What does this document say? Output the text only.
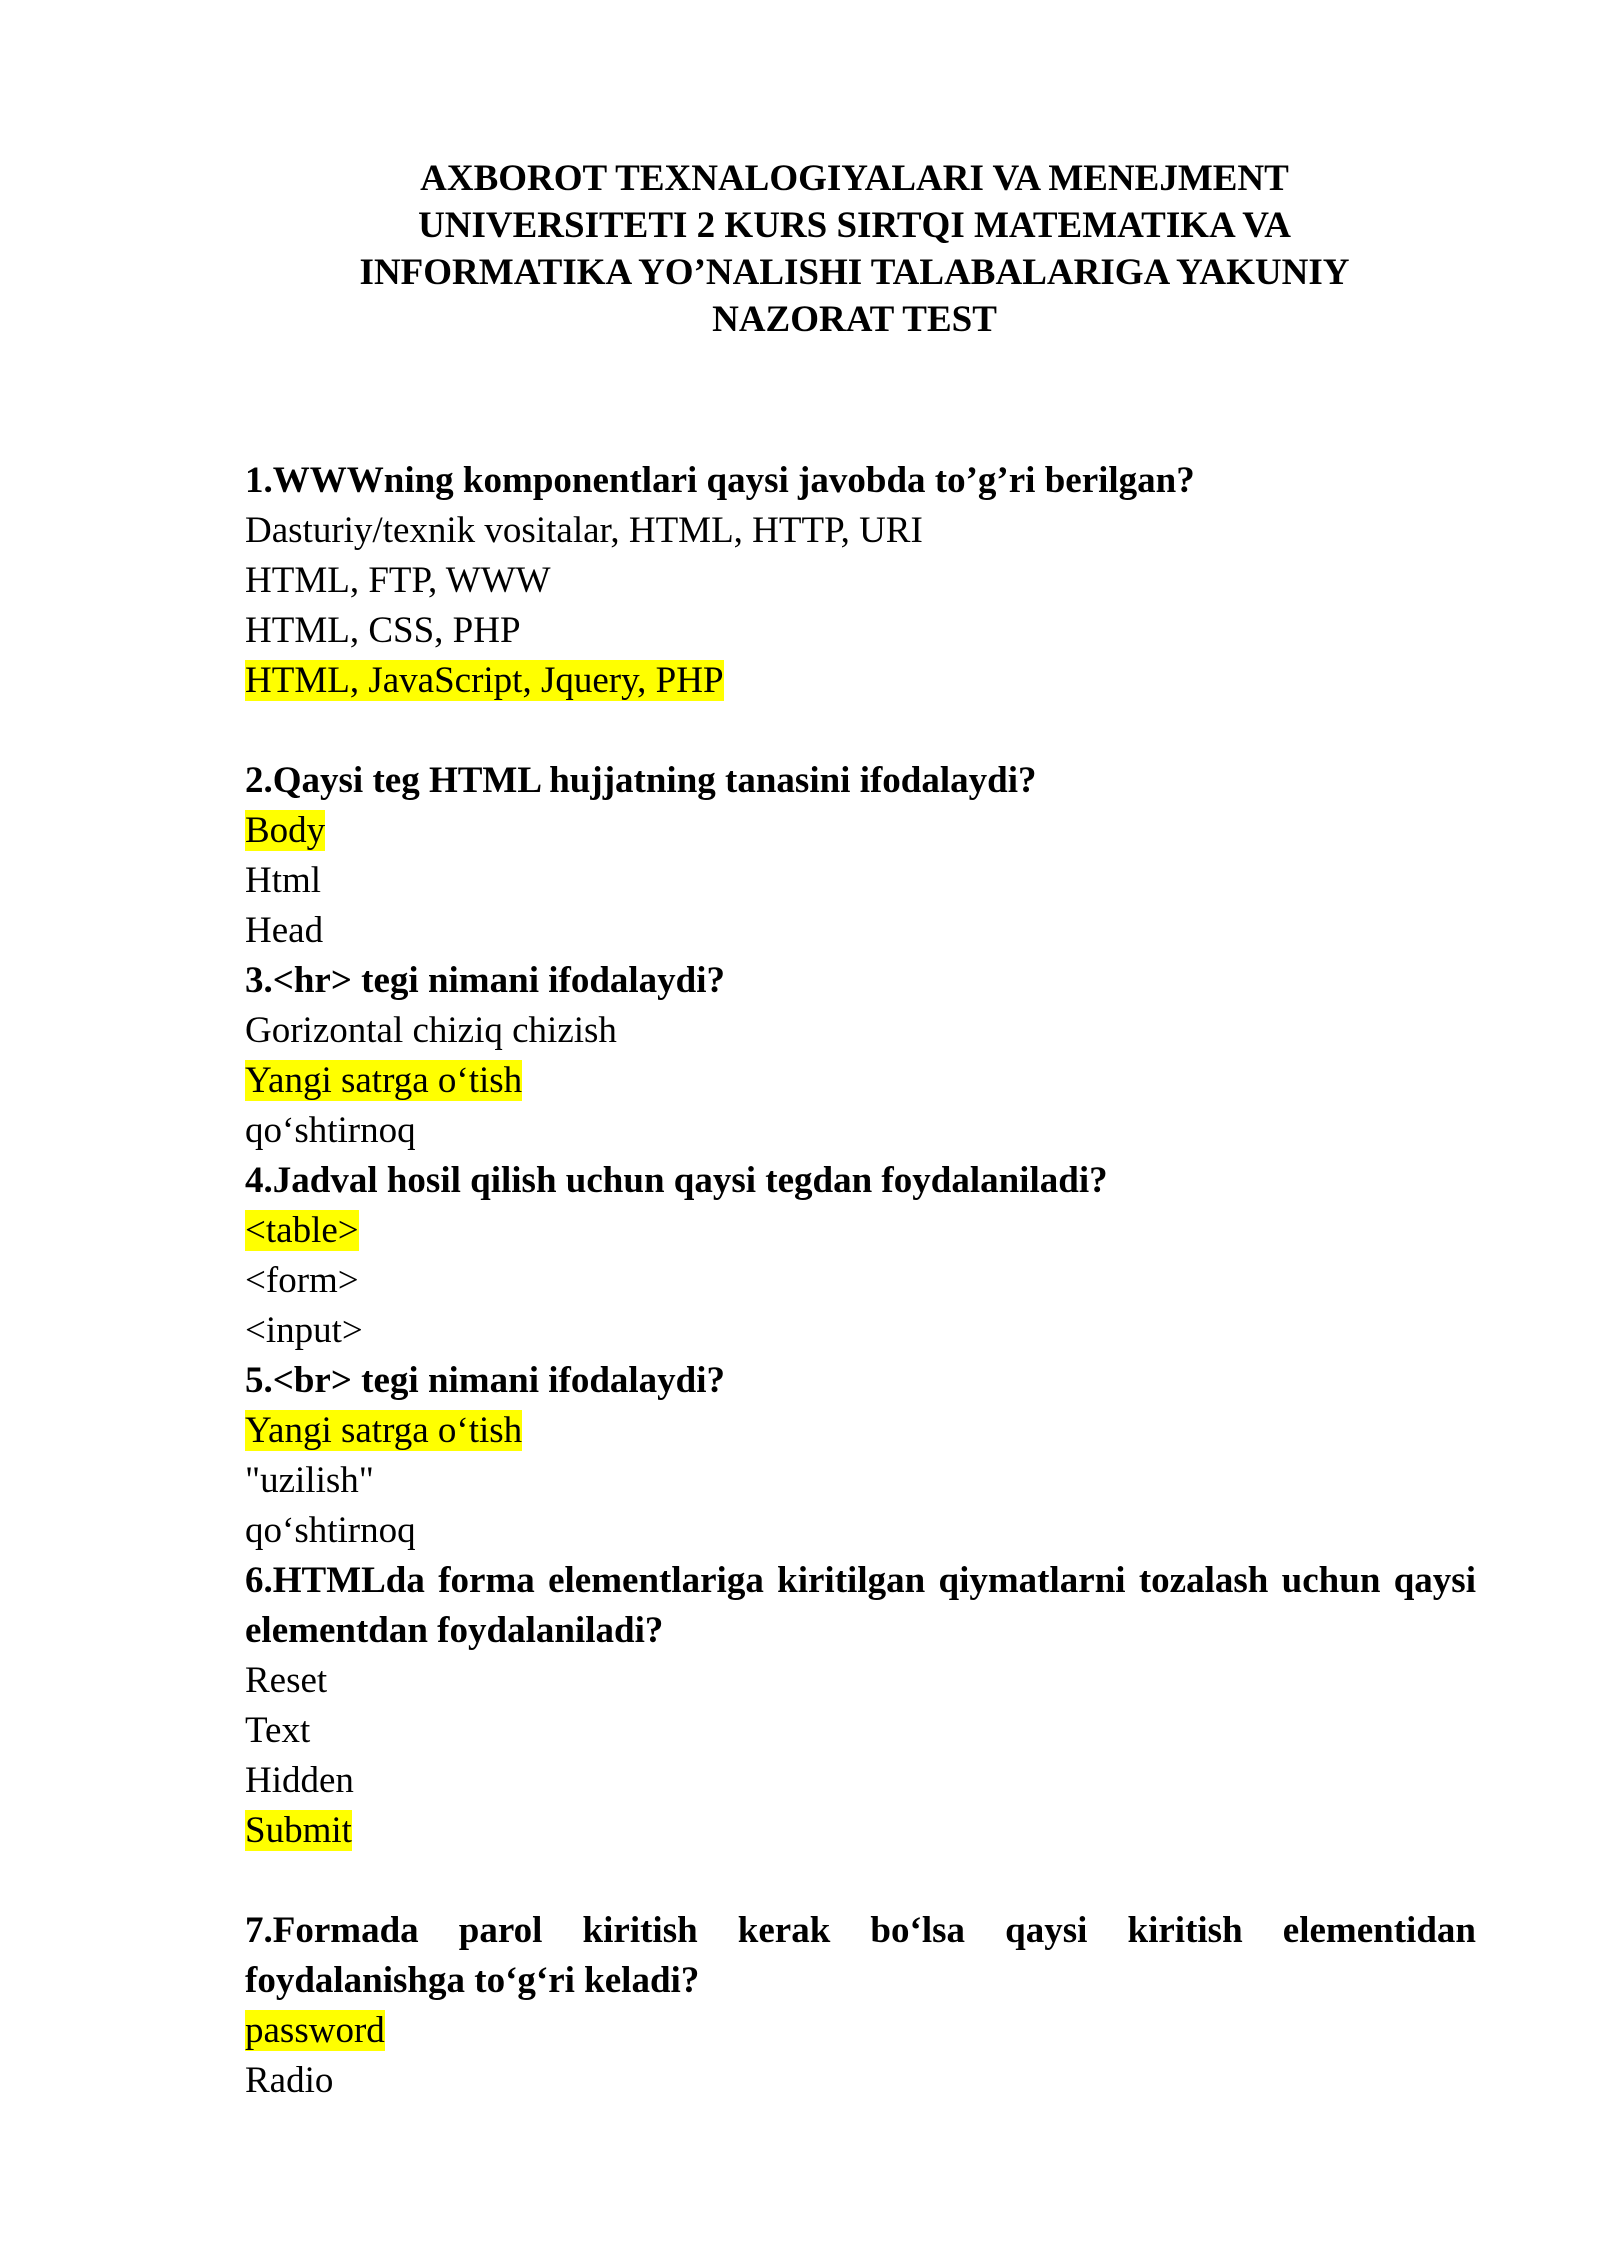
AXBOROT TEXNALOGIYALARI VA MENEJMENT
UNIVERSITETI 2 KURS SIRTQI MATEMATIKA VA
INFORMATIKA YO’NALISHI TALABALARIGA YAKUNIY
NAZORAT TEST

1.WWWning komponentlari qaysi javobda to’g’ri berilgan?

Dasturiy/texnik vositalar, HTML, HTTP, URI

HTML, FTP, WWW

HTML, CSS, PHP

HTML, JavaScript, Jquery, PHP

2.Qaysi teg HTML hujjatning tanasini ifodalaydi?

Body

Html

Head

3.<hr> tegi nimani ifodalaydi?

Gorizontal chiziq chizish

Yangi satrga o‘tish

qo‘shtirnoq

4.Jadval hosil qilish uchun qaysi tegdan foydalaniladi?

<table>

<form>

<input>

5.<br> tegi nimani ifodalaydi?

Yangi satrga o‘tish

"uzilish"

qo‘shtirnoq

6.HTMLda forma elementlariga kiritilgan qiymatlarni tozalash uchun qaysi elementdan foydalaniladi?

Reset

Text

Hidden

Submit

7.Formada parol kiritish kerak bo‘lsa qaysi kiritish elementidan foydalanishga to‘g‘ri keladi?

password

Radio
